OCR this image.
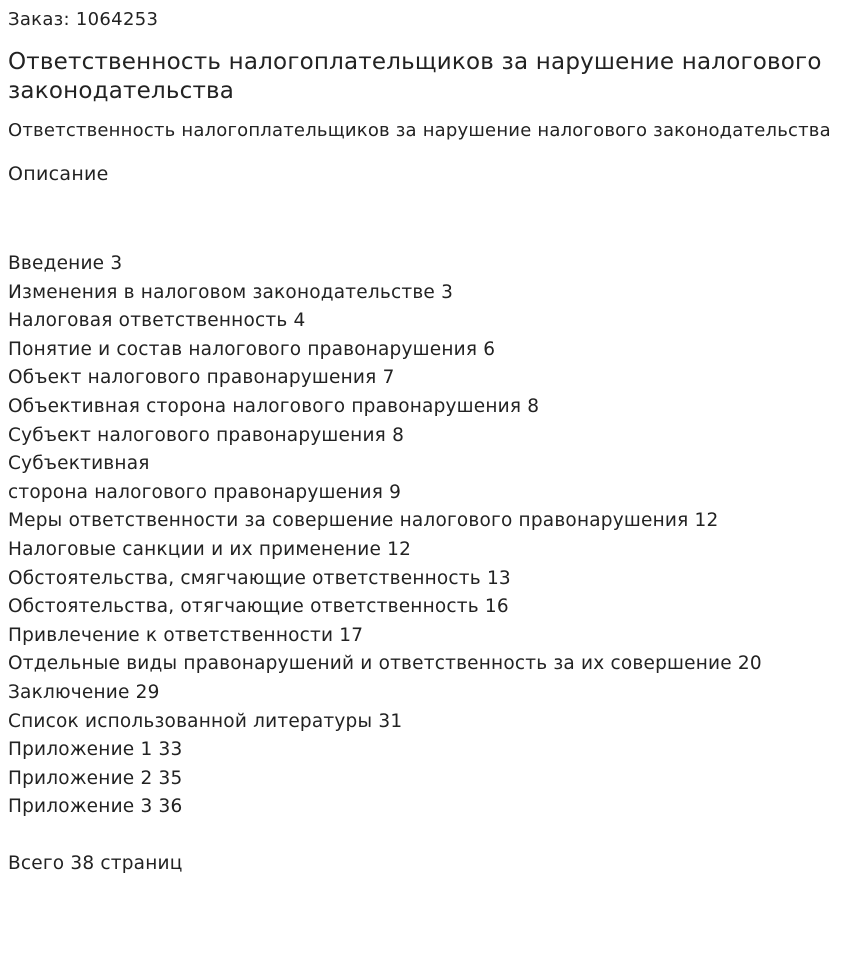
Заказ: 1064253

Ответственность налогоплательщиков за нарушение налогового законодательства

Ответственность налогоплательщиков за нарушение налогового законодательства

Описание

Введение 3
Изменения в налоговом законодательстве 3
Налоговая ответственность 4
Понятие и состав налогового правонарушения 6
Объект налогового правонарушения 7
Объективная сторона налогового правонарушения 8
Субъект налогового правонарушения 8
Субъективная
сторона налогового правонарушения 9
Меры ответственности за совершение налогового правонарушения 12
Налоговые санкции и их применение 12
Обстоятельства, смягчающие ответственность 13
Обстоятельства, отягчающие ответственность 16
Привлечение к ответственности 17
Отдельные виды правонарушений и ответственность за их совершение 20
Заключение 29
Список использованной литературы 31
Приложение 1 33
Приложение 2 35
Приложение 3 36

Всего 38 страниц
